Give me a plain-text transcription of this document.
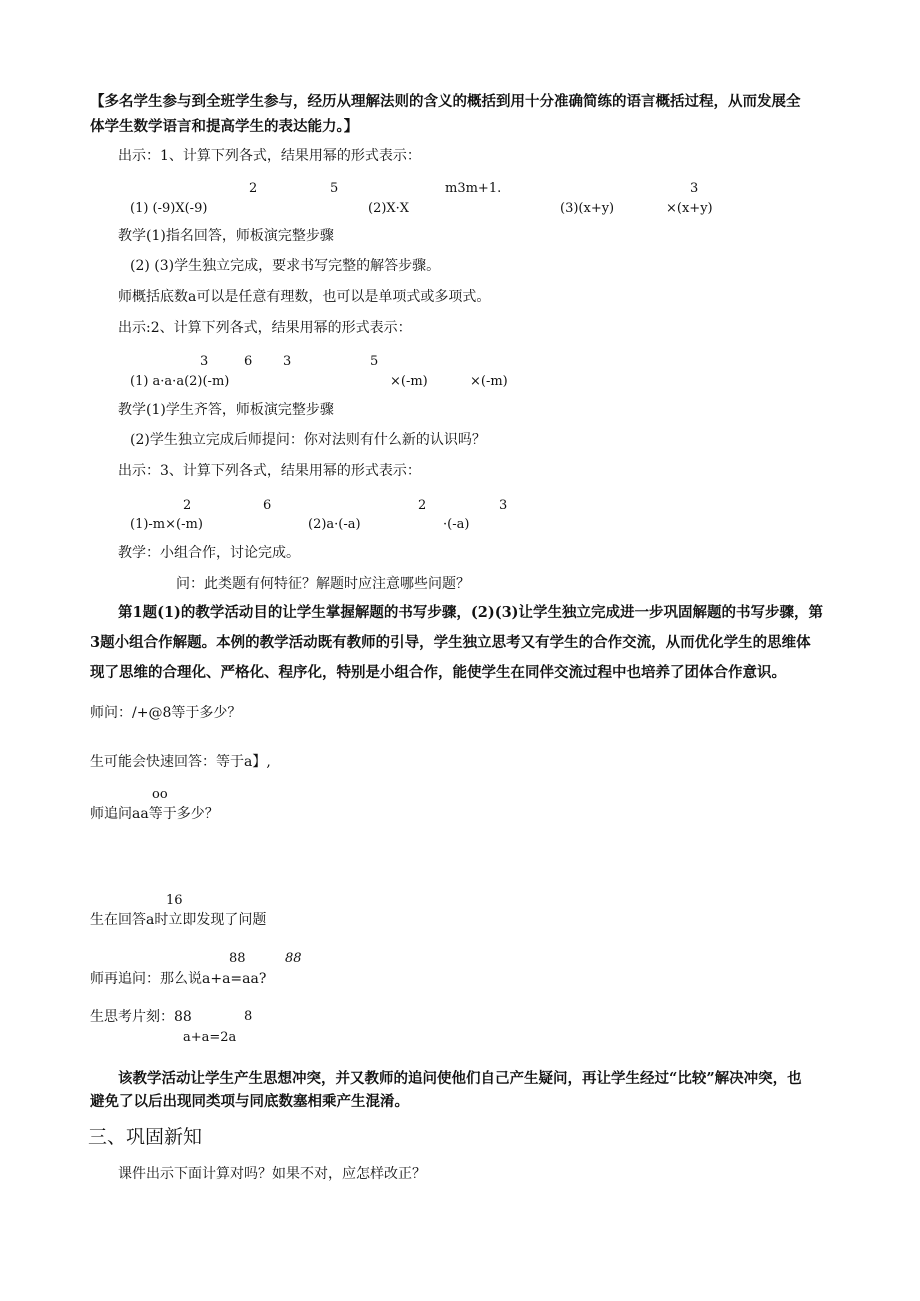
【多名学生参与到全班学生参与，经历从理解法则的含义的概括到用十分准确简练的语言概括过程，从而发展全
体学生数学语言和提高学生的表达能力。】
出示：1、计算下列各式，结果用幂的形式表示：
2	5	m3m+1.	3
(1) (-9)X(-9)	(2)X·X	(3)(x+y)	×(x+y)
教学(1)指名回答，师板演完整步骤
(2) (3)学生独立完成，要求书写完整的解答步骤。
师概括底数a可以是任意有理数，也可以是单项式或多项式。
出示:2、计算下列各式，结果用幂的形式表示：
3	6 3	5
(1) a·a·a(2)(-m)	×(-m)	×(-m)
教学(1)学生齐答，师板演完整步骤
(2)学生独立完成后师提问：你对法则有什么新的认识吗？
出示：3、计算下列各式，结果用幂的形式表示：
2	6	2	3
(1)-m×(-m)	(2)a·(-a)	·(-a)
教学：小组合作，讨论完成。
问：此类题有何特征？解题时应注意哪些问题？
第1题(1)的教学活动目的让学生掌握解题的书写步骤，(2)(3)让学生独立完成进一步巩固解题的书写步骤，第
3题小组合作解题。本例的教学活动既有教师的引导，学生独立思考又有学生的合作交流，从而优化学生的思维体
现了思维的合理化、严格化、程序化，特别是小组合作，能使学生在同伴交流过程中也培养了团体合作意识。
师问：/+@8等于多少？
生可能会快速回答：等于a】,
oo
师追问aa等于多少？
16
生在回答a时立即发现了问题
88	88
师再追问：那么说a+a=aa?
生思考片刻：88	8
a+a=2a
该教学活动让学生产生思想冲突，并又教师的追问使他们自己产生疑问，再让学生经过“比较”解决冲突，也
避免了以后出现同类项与同底数塞相乘产生混淆。
三、巩固新知
课件出示下面计算对吗？如果不对，应怎样改正？
